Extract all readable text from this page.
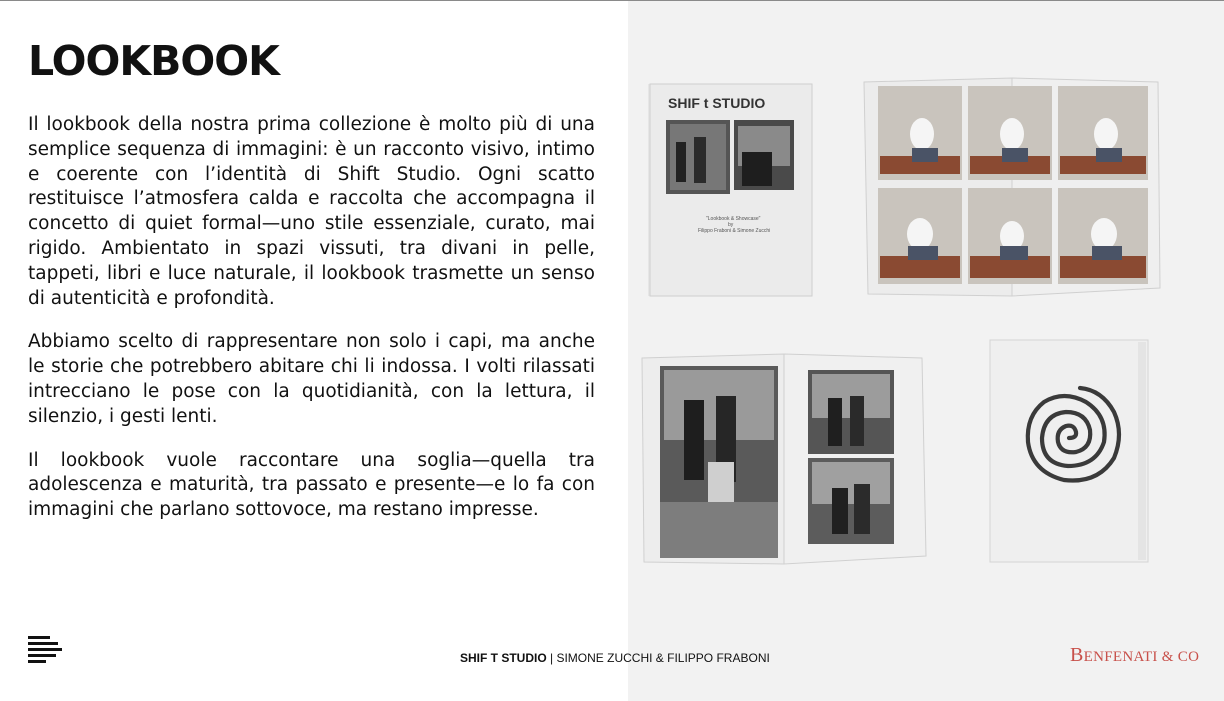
LOOKBOOK

Il lookbook della nostra prima collezione è molto più di una semplice sequenza di immagini: è un racconto visivo, intimo e coerente con l’identità di Shift Studio. Ogni scatto restituisce l’atmosfera calda e raccolta che accompagna il concetto di quiet formal—uno stile essenziale, curato, mai rigido. Ambientato in spazi vissuti, tra divani in pelle, tappeti, libri e luce naturale, il lookbook trasmette un senso di autenticità e profondità.

Abbiamo scelto di rappresentare non solo i capi, ma anche le storie che potrebbero abitare chi li indossa. I volti rilassati intrecciano le pose con la quotidianità, con la lettura, il silenzio, i gesti lenti.

Il lookbook vuole raccontare una soglia—quella tra adolescenza e maturità, tra passato e presente—e lo fa con immagini che parlano sottovoce, ma restano impresse.

SHIF t STUDIO
"Lookbook & Showcase"
by
Filippo Fraboni & Simone Zucchi
SHIF T STUDIO | SIMONE ZUCCHI & FILIPPO FRABONI	BENFENATI & CO
